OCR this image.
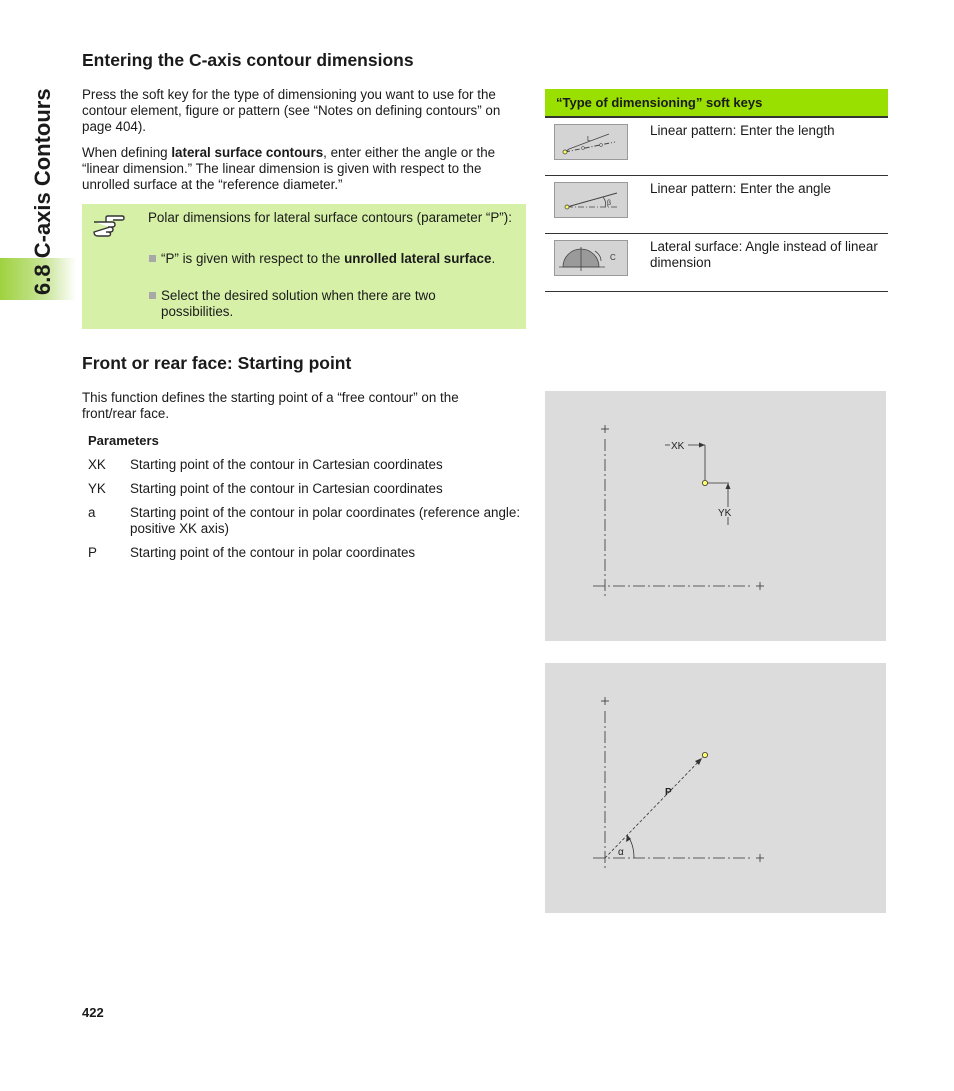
6.8 C-axis Contours
Entering the C-axis contour dimensions

Press the soft key for the type of dimensioning you want to use for the contour element, figure or pattern (see “Notes on defining contours” on page 404).

When defining lateral surface contours, enter either the angle or the “linear dimension.” The linear dimension is given with respect to the unrolled surface at the “reference diameter.”

Polar dimensions for lateral surface contours (parameter “P”):
“P” is given with respect to the unrolled lateral surface.
Select the desired solution when there are two possibilities.
“Type of dimensioning” soft keys	

L	Linear pattern: Enter the length

β	Linear pattern: Enter the angle

C	Lateral surface: Angle instead of linear dimension
Front or rear face: Starting point

This function defines the starting point of a “free contour” on the front/rear face.

Parameters
XK Starting point of the contour in Cartesian coordinates
YK Starting point of the contour in Cartesian coordinates
a	Starting point of the contour in polar coordinates (reference angle: positive XK axis)
P Starting point of the contour in polar coordinates
XK
YK
P
α
422
